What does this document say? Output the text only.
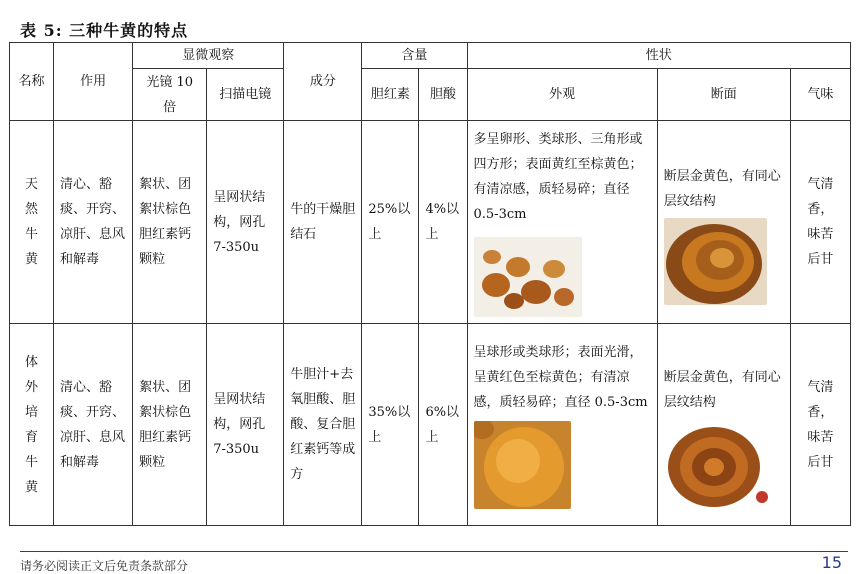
表 5: 三种牛黄的特点
名称	作用	显微观察		成分	含量		性状		
		光镜 10 倍	扫描电镜		胆红素	胆酸	外观	断面	气味

天然牛黄	清心、豁痰、开窍、凉肝、息风和解毒	絮状、团絮状棕色胆红素钙颗粒	呈网状结构，网孔 7-350u	牛的干燥胆结石	25%以上	4%以上	多呈卵形、类球形、三角形或四方形；表面黄红至棕黄色；有清凉感，质轻易碎；直径 0.5-3cm	断层金黄色，有同心层纹结构	气清香，味苦后甘

体外培育牛黄	清心、豁痰、开窍、凉肝、息风和解毒	絮状、团絮状棕色胆红素钙颗粒	呈网状结构，网孔 7-350u	牛胆汁+去氧胆酸、胆酸、复合胆红素钙等成方	35%以上	6%以上	呈球形或类球形；表面光滑，呈黄红色至棕黄色；有清凉感，质轻易碎；直径 0.5-3cm	断层金黄色，有同心层纹结构	气清香，味苦后甘
请务必阅读正文后免责条款部分	15
